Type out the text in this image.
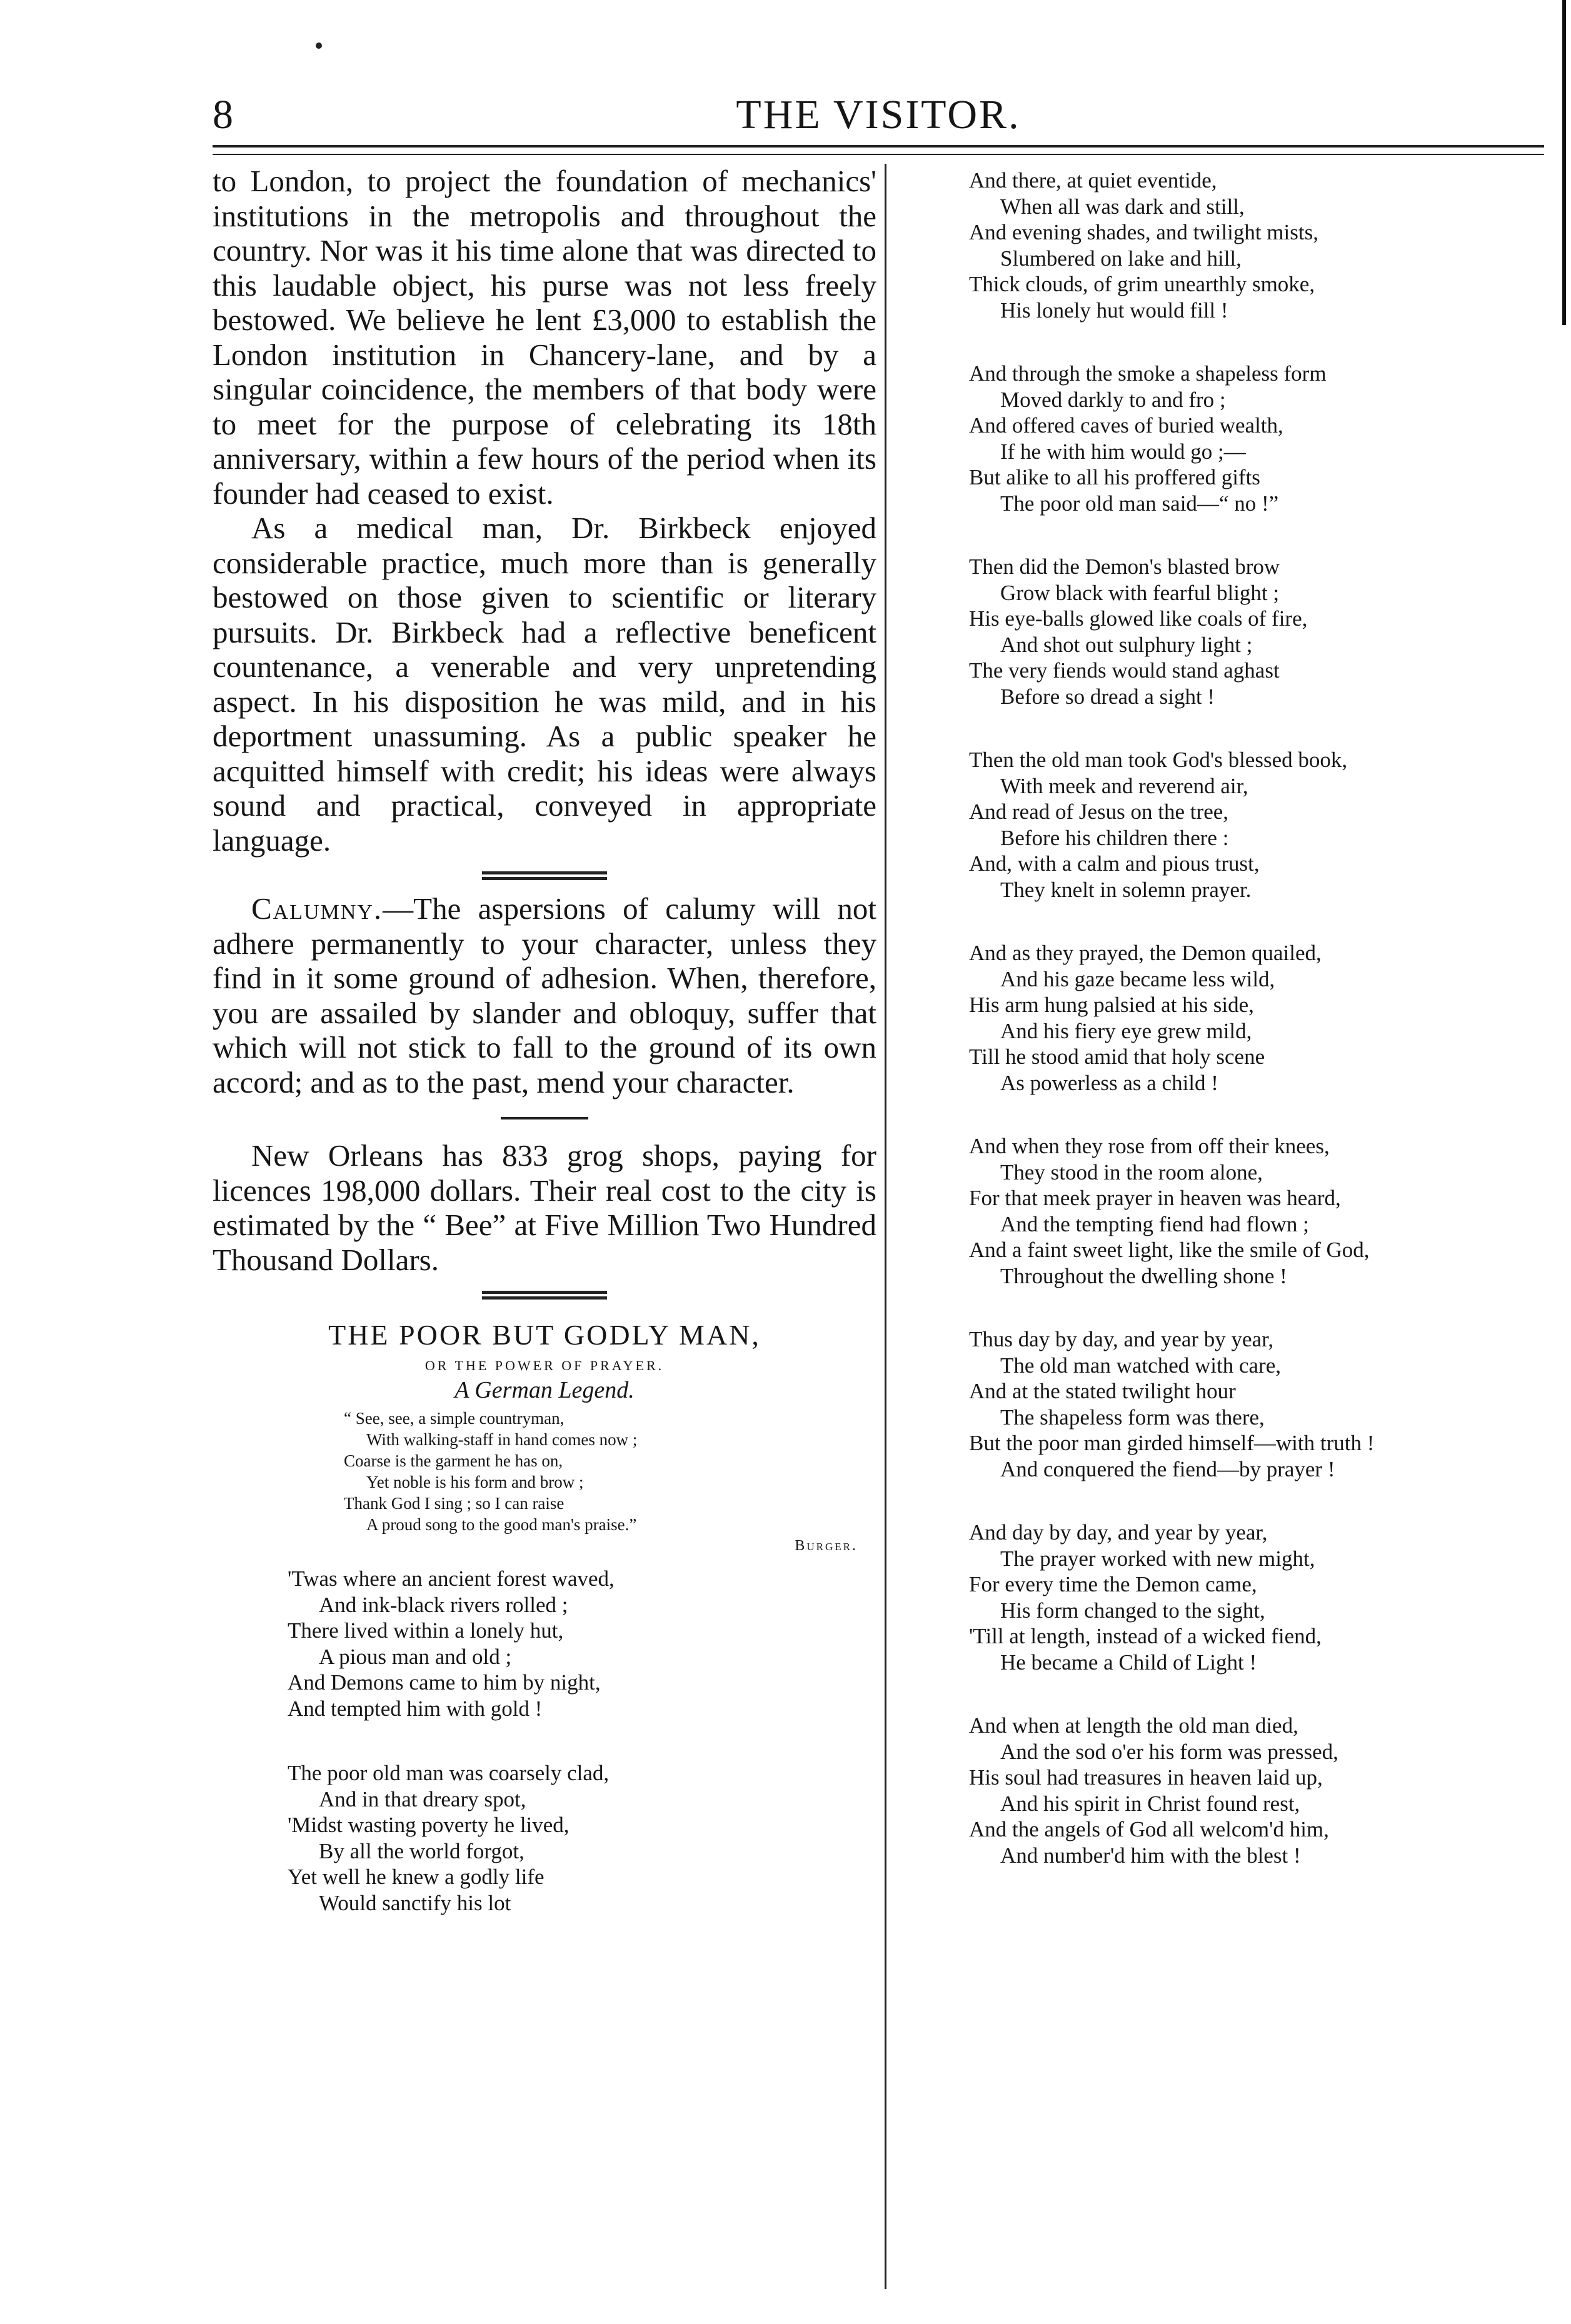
8	THE VISITOR.

to London, to project the foundation of mechanics' institutions in the metropolis and throughout the country. Nor was it his time alone that was directed to this laudable object, his purse was not less freely bestowed. We believe he lent £3,000 to establish the London institution in Chancery-lane, and by a singular coincidence, the members of that body were to meet for the purpose of celebrating its 18th anniversary, within a few hours of the period when its founder had ceased to exist.

As a medical man, Dr. Birkbeck enjoyed considerable practice, much more than is generally bestowed on those given to scientific or literary pursuits. Dr. Birkbeck had a reflective beneficent countenance, a venerable and very unpretending aspect. In his disposition he was mild, and in his deportment unassuming. As a public speaker he acquitted himself with credit; his ideas were always sound and practical, conveyed in appropriate language.

Calumny.—The aspersions of calumy will not adhere permanently to your character, unless they find in it some ground of adhesion. When, therefore, you are assailed by slander and obloquy, suffer that which will not stick to fall to the ground of its own accord; and as to the past, mend your character.

New Orleans has 833 grog shops, paying for licences 198,000 dollars. Their real cost to the city is estimated by the “ Bee” at Five Million Two Hundred Thousand Dollars.

THE POOR BUT GODLY MAN,
OR THE POWER OF PRAYER.
A German Legend.
“ See, see, a simple countryman,
With walking-staff in hand comes now ;
Coarse is the garment he has on,
Yet noble is his form and brow ;
Thank God I sing ; so I can raise
A proud song to the good man's praise.”
Burger.

'Twas where an ancient forest waved,

And ink-black rivers rolled ;

There lived within a lonely hut,

A pious man and old ;

And Demons came to him by night,

And tempted him with gold !

The poor old man was coarsely clad,

And in that dreary spot,

'Midst wasting poverty he lived,

By all the world forgot,

Yet well he knew a godly life

Would sanctify his lot

And there, at quiet eventide,

When all was dark and still,

And evening shades, and twilight mists,

Slumbered on lake and hill,

Thick clouds, of grim unearthly smoke,

His lonely hut would fill !

And through the smoke a shapeless form

Moved darkly to and fro ;

And offered caves of buried wealth,

If he with him would go ;—

But alike to all his proffered gifts

The poor old man said—“ no !”

Then did the Demon's blasted brow

Grow black with fearful blight ;

His eye-balls glowed like coals of fire,

And shot out sulphury light ;

The very fiends would stand aghast

Before so dread a sight !

Then the old man took God's blessed book,

With meek and reverend air,

And read of Jesus on the tree,

Before his children there :

And, with a calm and pious trust,

They knelt in solemn prayer.

And as they prayed, the Demon quailed,

And his gaze became less wild,

His arm hung palsied at his side,

And his fiery eye grew mild,

Till he stood amid that holy scene

As powerless as a child !

And when they rose from off their knees,

They stood in the room alone,

For that meek prayer in heaven was heard,

And the tempting fiend had flown ;

And a faint sweet light, like the smile of God,

Throughout the dwelling shone !

Thus day by day, and year by year,

The old man watched with care,

And at the stated twilight hour

The shapeless form was there,

But the poor man girded himself—with truth !

And conquered the fiend—by prayer !

And day by day, and year by year,

The prayer worked with new might,

For every time the Demon came,

His form changed to the sight,

'Till at length, instead of a wicked fiend,

He became a Child of Light !

And when at length the old man died,

And the sod o'er his form was pressed,

His soul had treasures in heaven laid up,

And his spirit in Christ found rest,

And the angels of God all welcom'd him,

And number'd him with the blest !
